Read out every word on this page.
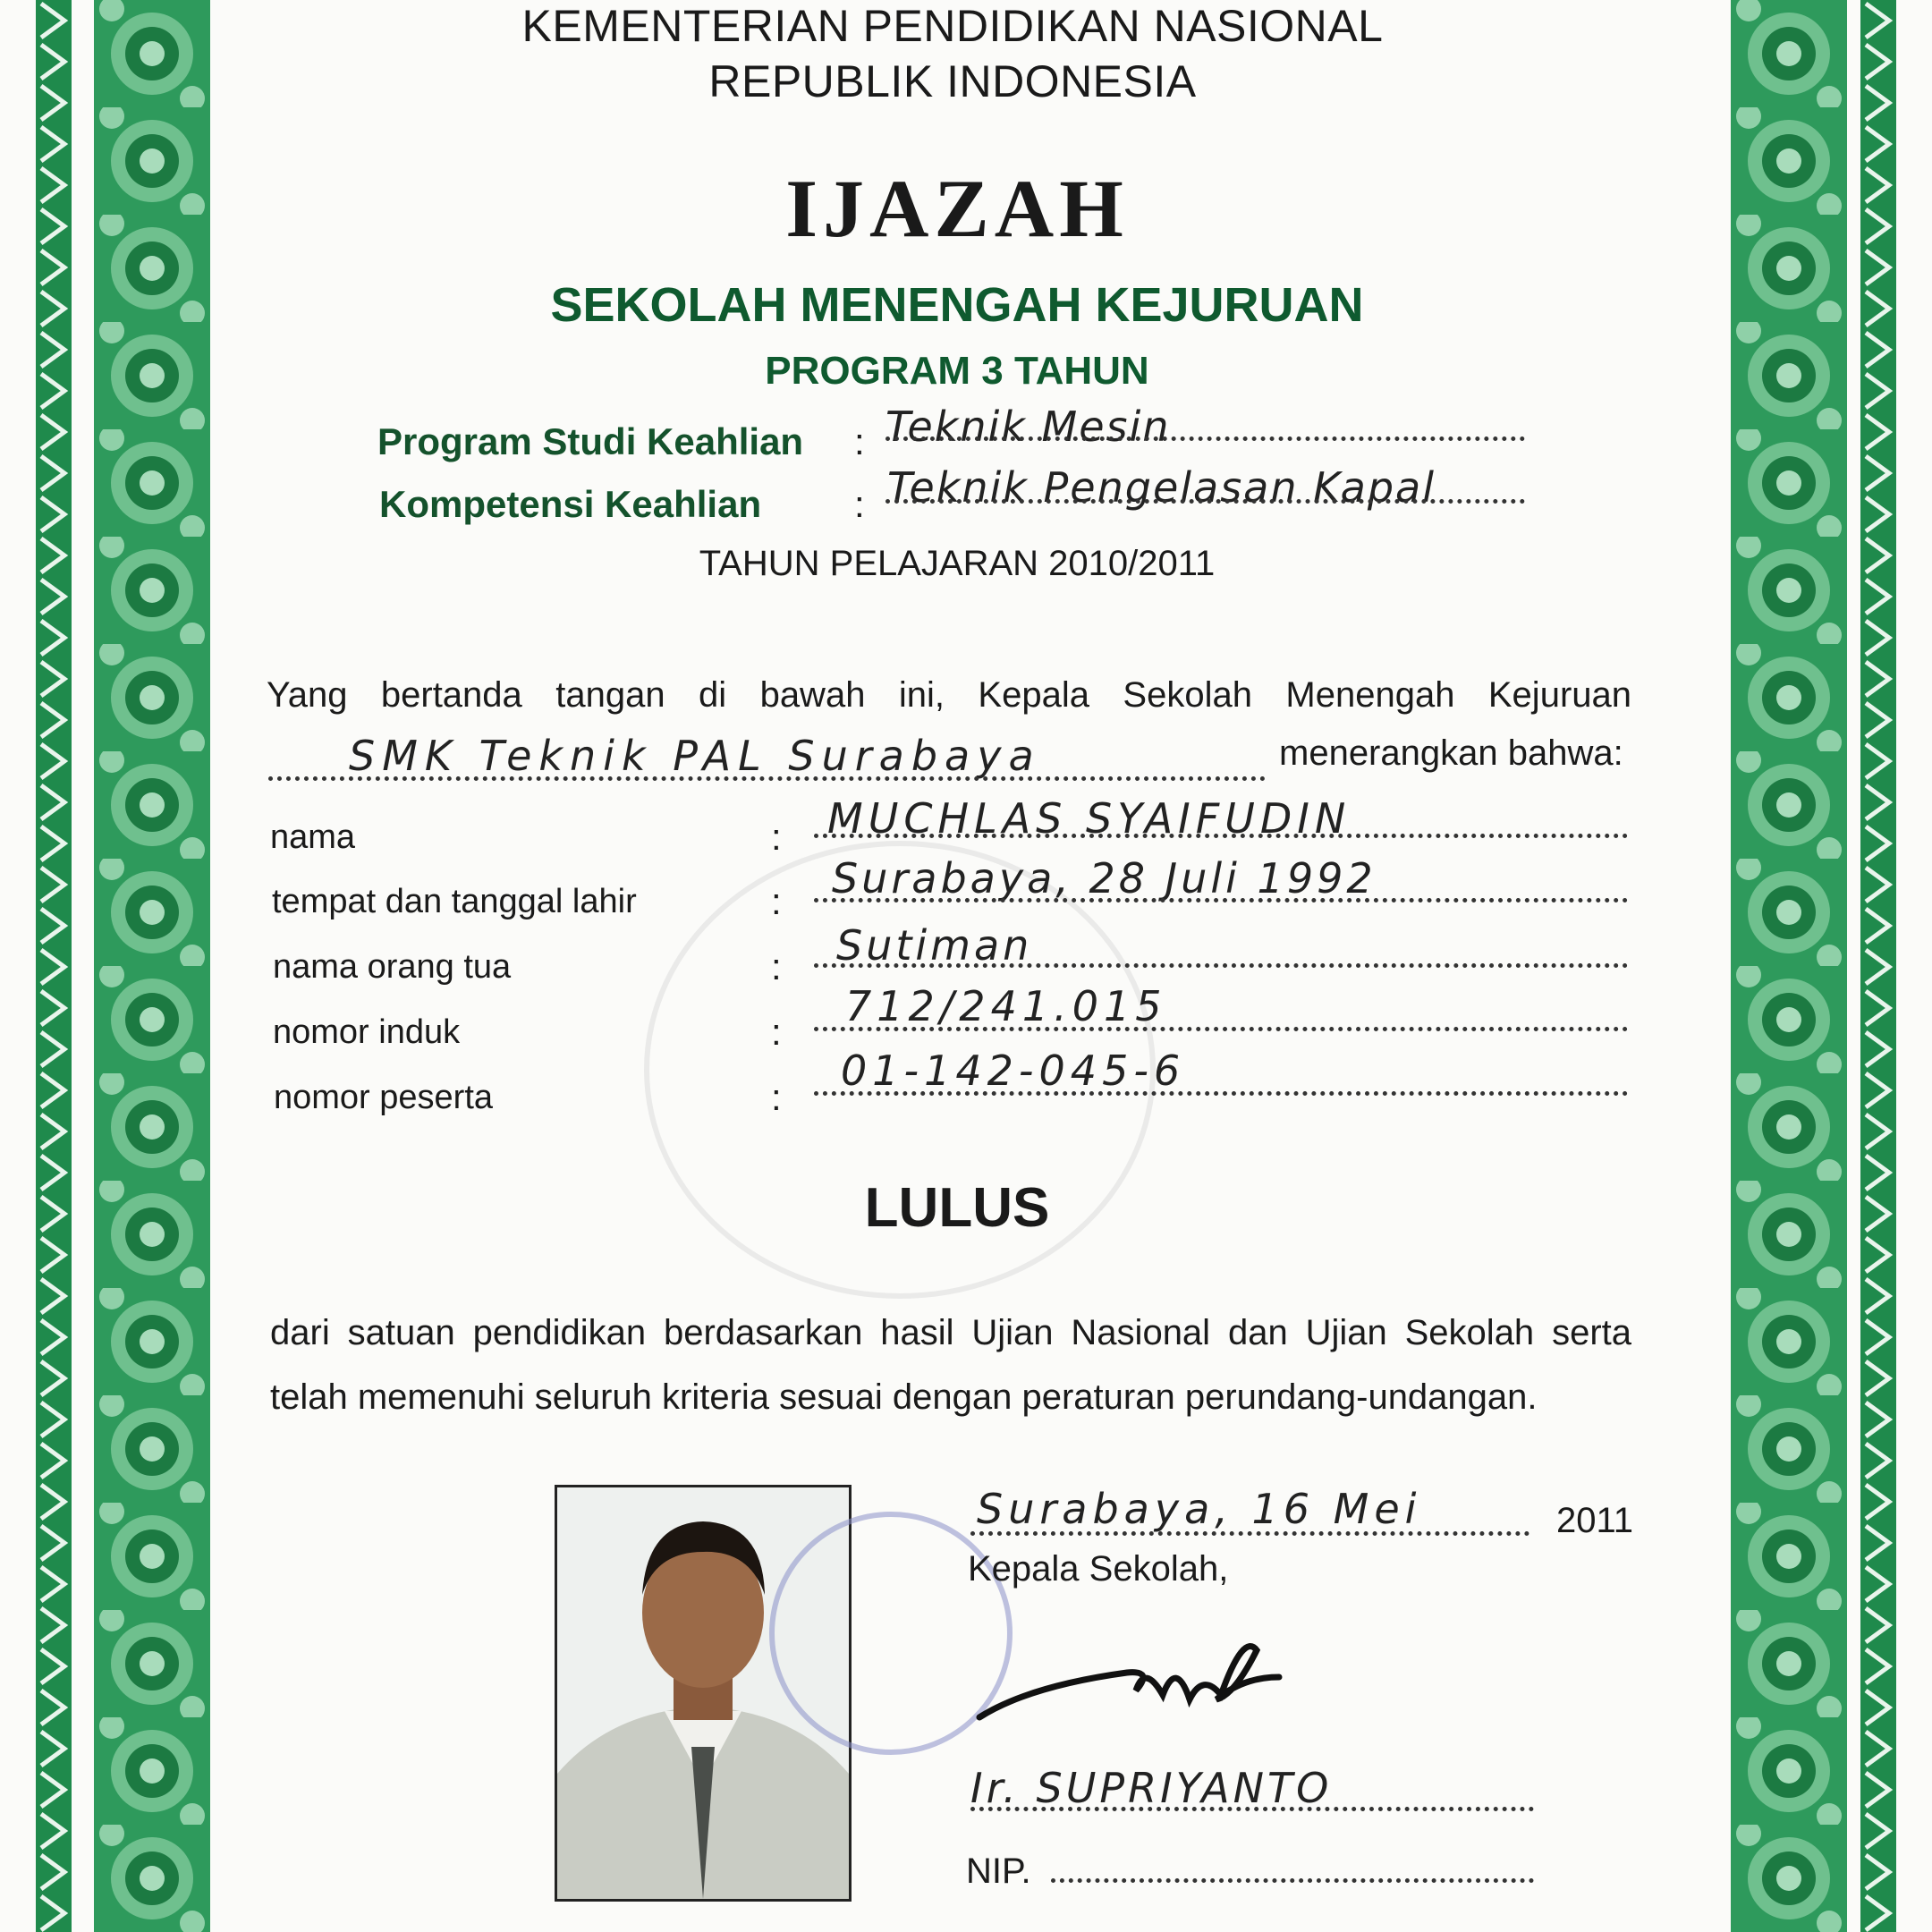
KEMENTERIAN PENDIDIKAN NASIONAL
REPUBLIK INDONESIA
IJAZAH
SEKOLAH MENENGAH KEJURUAN
PROGRAM 3 TAHUN
Program Studi Keahlian : Teknik Mesin
Kompetensi Keahlian : Teknik Pengelasan Kapal
TAHUN PELAJARAN 2010/2011
Yang bertanda tangan di bawah ini, Kepala Sekolah Menengah Kejuruan
SMK Teknik PAL Surabaya	menerangkan bahwa:
nama	: MUCHLAS SYAIFUDIN
tempat dan tanggal lahir	: Surabaya, 28 Juli 1992
nama orang tua	: Sutiman
nomor induk	:
712/241.015
nomor peserta	:
01-142-045-6
LULUS
dari satuan pendidikan berdasarkan hasil Ujian Nasional dan Ujian Sekolah serta
telah memenuhi seluruh kriteria sesuai dengan peraturan perundang-undangan.
Surabaya, 16 Mei	2011
Kepala Sekolah,
Ir. SUPRIYANTO
NIP.
